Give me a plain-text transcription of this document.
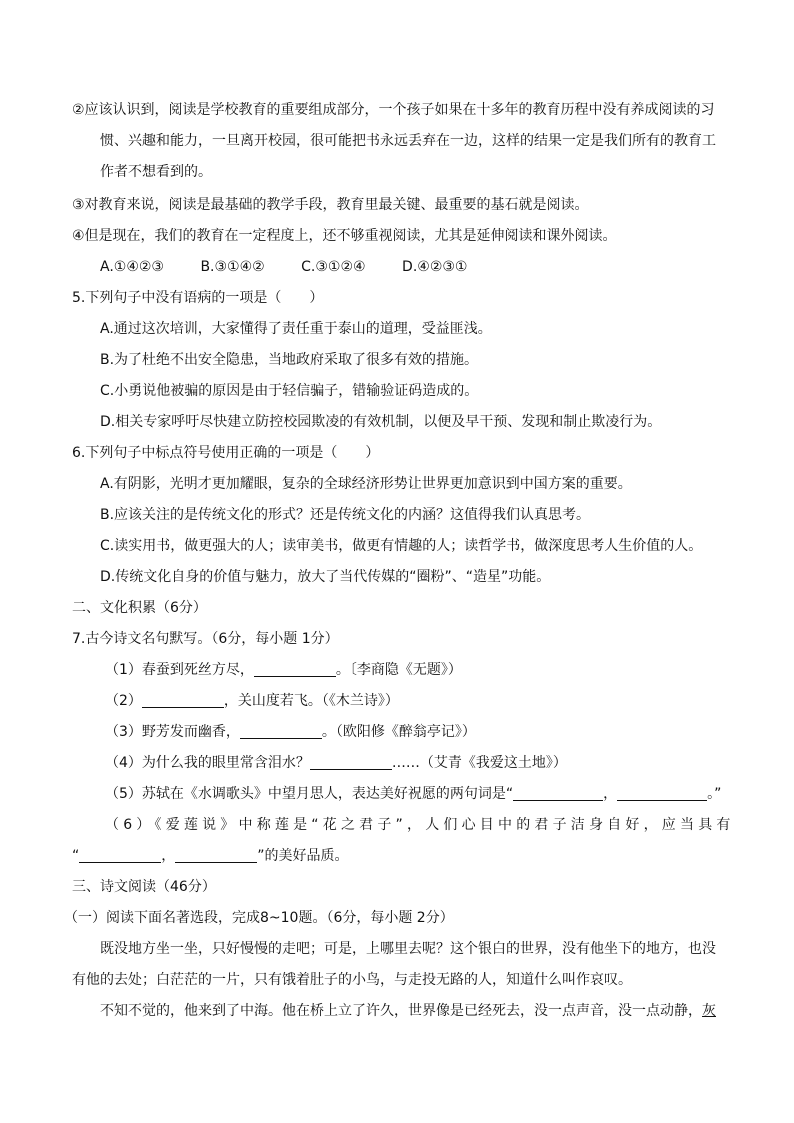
②应该认识到，阅读是学校教育的重要组成部分，一个孩子如果在十多年的教育历程中没有养成阅读的习
惯、兴趣和能力，一旦离开校园，很可能把书永远丢弃在一边，这样的结果一定是我们所有的教育工
作者不想看到的。
③对教育来说，阅读是最基础的教学手段，教育里最关键、最重要的基石就是阅读。
④但是现在，我们的教育在一定程度上，还不够重视阅读，尤其是延伸阅读和课外阅读。
A.①④②③	B.③①④②	C.③①②④	D.④②③①
5.下列句子中没有语病的一项是（　　）
A.通过这次培训，大家懂得了责任重于泰山的道理，受益匪浅。
B.为了杜绝不出安全隐患，当地政府采取了很多有效的措施。
C.小勇说他被骗的原因是由于轻信骗子，错输验证码造成的。
D.相关专家呼吁尽快建立防控校园欺凌的有效机制，以便及早干预、发现和制止欺凌行为。
6.下列句子中标点符号使用正确的一项是（　　）
A.有阴影，光明才更加耀眼，复杂的全球经济形势让世界更加意识到中国方案的重要。
B.应该关注的是传统文化的形式？还是传统文化的内涵？这值得我们认真思考。
C.读实用书，做更强大的人；读审美书，做更有情趣的人；读哲学书，做深度思考人生价值的人。
D.传统文化自身的价值与魅力，放大了当代传媒的“圈粉”、“造星”功能。
二、文化积累（6分）
7.古今诗文名句默写。（6分，每小题 1分）
（1）春蚕到死丝方尽，	。〔李商隐《无题》）
（2）	，关山度若飞。（《木兰诗》）
（3）野芳发而幽香，	。（欧阳修《醉翁亭记》）
（4）为什么我的眼里常含泪水？	……（艾青《我爱这土地》）
（5）苏轼在《水调歌头》中望月思人，表达美好祝愿的两句词是“	，	。”
（6）《爱莲说》中称莲是“花之君子”，人们心目中的君子洁身自好，应当具有
“	，	”的美好品质。
三、诗文阅读（46分）
（一）阅读下面名著选段，完成8~10题。（6分，每小题 2分）
既没地方坐一坐，只好慢慢的走吧；可是，上哪里去呢？这个银白的世界，没有他坐下的地方，也没
有他的去处；白茫茫的一片，只有饿着肚子的小鸟，与走投无路的人，知道什么叫作哀叹。
不知不觉的，他来到了中海。他在桥上立了许久，世界像是已经死去，没一点声音，没一点动静，灰
